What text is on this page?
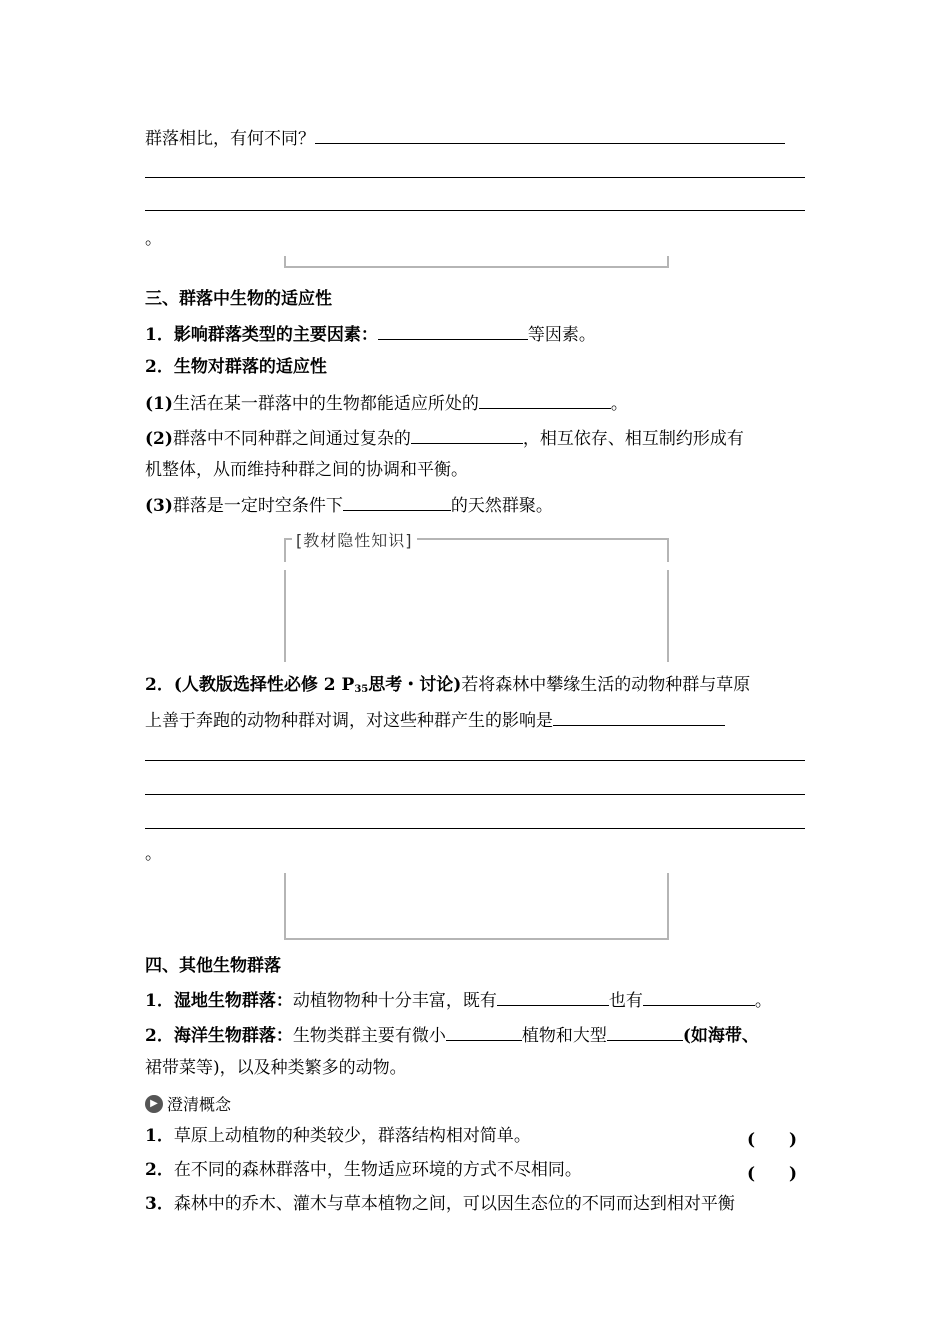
群落相比，有何不同？
。
三、群落中生物的适应性
1．影响群落类型的主要因素：	等因素。
2．生物对群落的适应性
(1)生活在某一群落中的生物都能适应所处的	。
(2)群落中不同种群之间通过复杂的	，相互依存、相互制约形成有
机整体，从而维持种群之间的协调和平衡。
(3)群落是一定时空条件下	的天然群聚。
[教材隐性知识]
2．(人教版选择性必修 2 $P_{35}$思考・讨论)若将森林中攀缘生活的动物种群与草原
上善于奔跑的动物种群对调，对这些种群产生的影响是
。
四、其他生物群落
1．湿地生物群落：动植物物种十分丰富，既有	也有	。
2．海洋生物群落：生物类群主要有微小	植物和大型	(如海带、
裙带菜等)，以及种类繁多的动物。
▶ 澄清概念
1．草原上动植物的种类较少，群落结构相对简单。	(　　)
2．在不同的森林群落中，生物适应环境的方式不尽相同。	(　　)
3．森林中的乔木、灌木与草本植物之间，可以因生态位的不同而达到相对平衡
